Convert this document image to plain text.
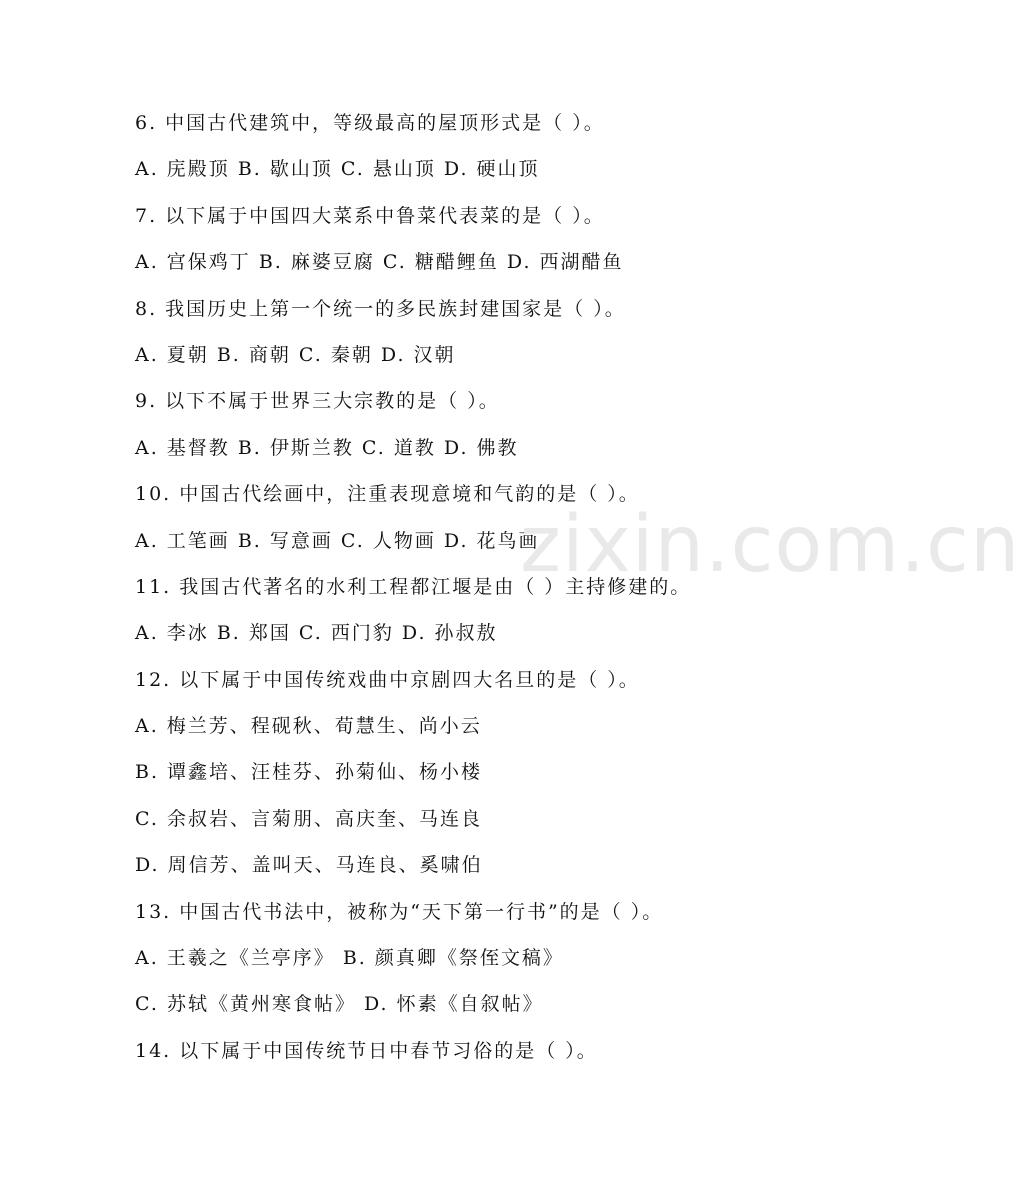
6. 中国古代建筑中，等级最高的屋顶形式是（ ）。
A. 庑殿顶 B. 歇山顶 C. 悬山顶 D. 硬山顶
7. 以下属于中国四大菜系中鲁菜代表菜的是（ ）。
A. 宫保鸡丁 B. 麻婆豆腐 C. 糖醋鲤鱼 D. 西湖醋鱼
8. 我国历史上第一个统一的多民族封建国家是（ ）。
A. 夏朝 B. 商朝 C. 秦朝 D. 汉朝
9. 以下不属于世界三大宗教的是（ ）。
A. 基督教 B. 伊斯兰教 C. 道教 D. 佛教
10. 中国古代绘画中，注重表现意境和气韵的是（ ）。
A. 工笔画 B. 写意画 C. 人物画 D. 花鸟画
11. 我国古代著名的水利工程都江堰是由（ ）主持修建的。
A. 李冰 B. 郑国 C. 西门豹 D. 孙叔敖
12. 以下属于中国传统戏曲中京剧四大名旦的是（ ）。
A. 梅兰芳、程砚秋、荀慧生、尚小云
B. 谭鑫培、汪桂芬、孙菊仙、杨小楼
C. 余叔岩、言菊朋、高庆奎、马连良
D. 周信芳、盖叫天、马连良、奚啸伯
13. 中国古代书法中，被称为“天下第一行书”的是（ ）。
A. 王羲之《兰亭序》 B. 颜真卿《祭侄文稿》
C. 苏轼《黄州寒食帖》 D. 怀素《自叙帖》
14. 以下属于中国传统节日中春节习俗的是（ ）。
zixin.com.cn
